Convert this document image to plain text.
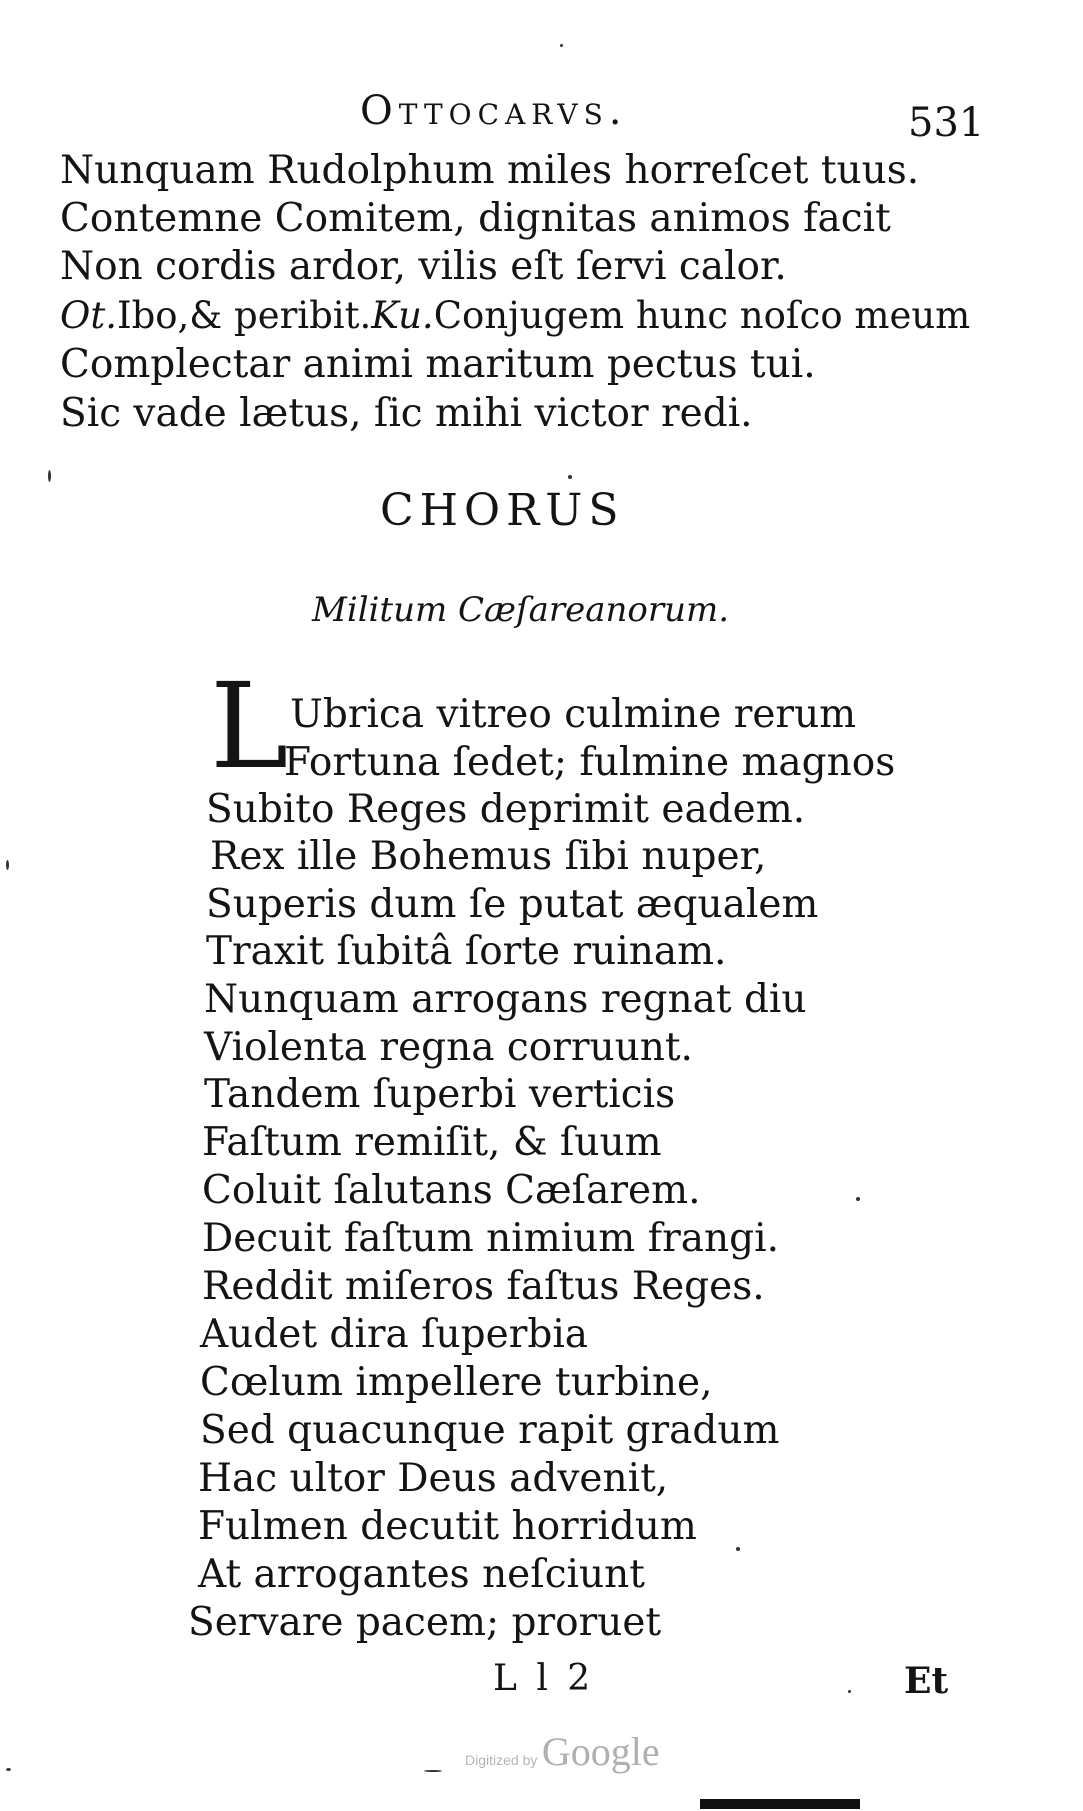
Ottocarvs.	531
Nunquam Rudolphum miles horreſcet tuus.
Contemne Comitem, dignitas animos facit
Non cordis ardor, vilis eſt ſervi calor.
Ot.Ibo,& peribit.Ku.Conjugem hunc noſco meum
Complectar animi maritum pectus tui.
Sic vade lætus, ſic mihi victor redi.
CHORUS
Militum Cæſareanorum.
L Ubrica vitreo culmine rerum
Fortuna ſedet; fulmine magnos
Subito Reges deprimit eadem.
Rex ille Bohemus ſibi nuper,
Superis dum ſe putat æqualem
Traxit ſubitâ ſorte ruinam.
Nunquam arrogans regnat diu
Violenta regna corruunt.
Tandem ſuperbi verticis
Faſtum remiſit, & ſuum
Coluit ſalutans Cæſarem.
Decuit faſtum nimium frangi.
Reddit miſeros faſtus Reges.
Audet dira ſuperbia
Cœlum impellere turbine,
Sed quacunque rapit gradum
Hac ultor Deus advenit,
Fulmen decutit horridum
At arrogantes neſciunt
Servare pacem; proruet
L l 2	Et
Digitized by Google
